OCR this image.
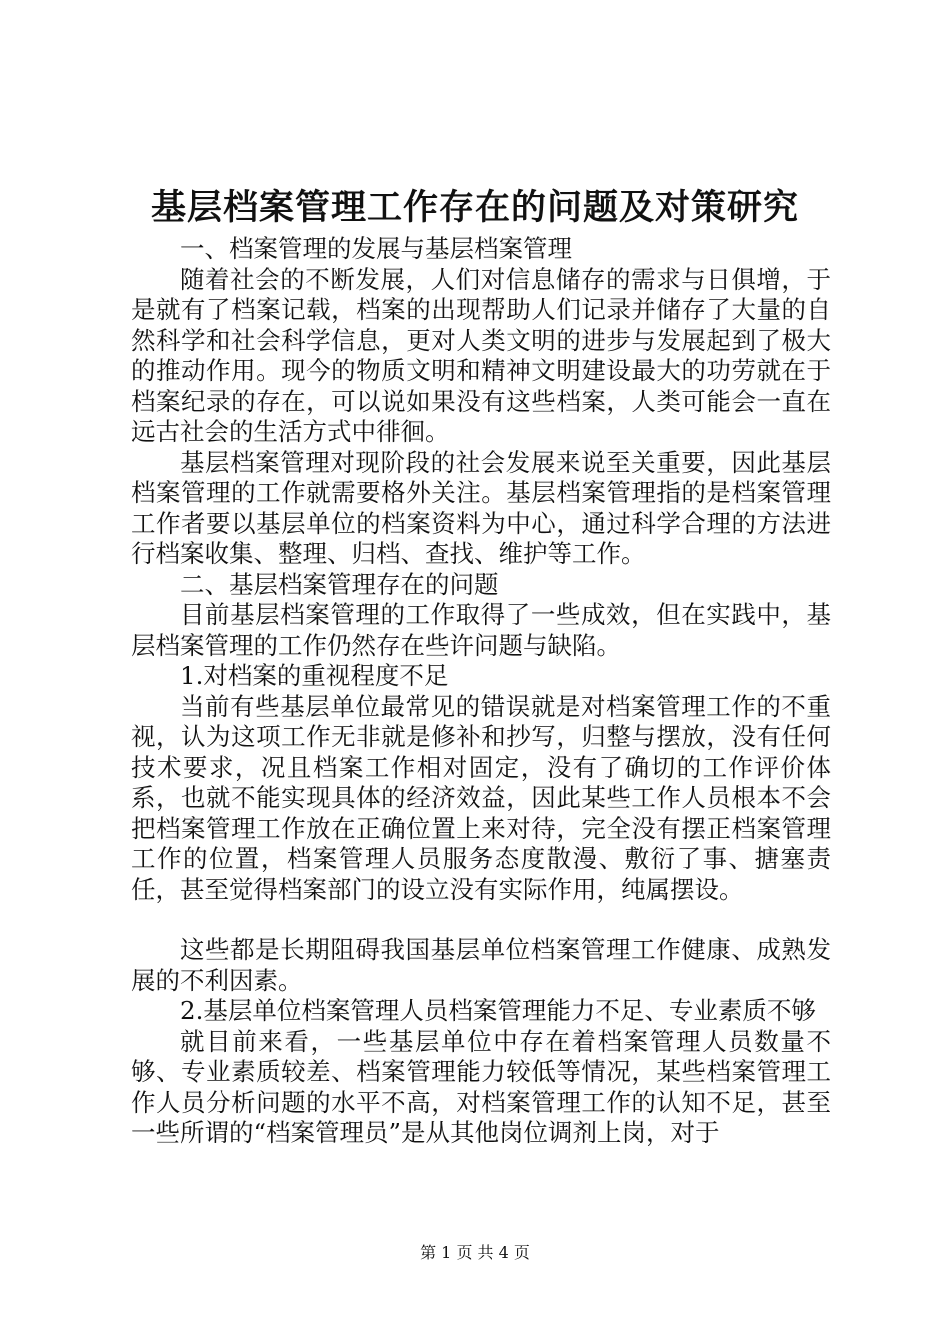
基层档案管理工作存在的问题及对策研究

一、档案管理的发展与基层档案管理

随着社会的不断发展，人们对信息储存的需求与日俱增，于是就有了档案记载，档案的出现帮助人们记录并储存了大量的自然科学和社会科学信息，更对人类文明的进步与发展起到了极大的推动作用。现今的物质文明和精神文明建设最大的功劳就在于档案纪录的存在，可以说如果没有这些档案，人类可能会一直在远古社会的生活方式中徘徊。

基层档案管理对现阶段的社会发展来说至关重要，因此基层档案管理的工作就需要格外关注。基层档案管理指的是档案管理工作者要以基层单位的档案资料为中心，通过科学合理的方法进行档案收集、整理、归档、查找、维护等工作。

二、基层档案管理存在的问题

目前基层档案管理的工作取得了一些成效，但在实践中，基层档案管理的工作仍然存在些许问题与缺陷。

1.对档案的重视程度不足

当前有些基层单位最常见的错误就是对档案管理工作的不重视，认为这项工作无非就是修补和抄写，归整与摆放，没有任何技术要求，况且档案工作相对固定，没有了确切的工作评价体系，也就不能实现具体的经济效益，因此某些工作人员根本不会把档案管理工作放在正确位置上来对待，完全没有摆正档案管理工作的位置，档案管理人员服务态度散漫、敷衍了事、搪塞责任，甚至觉得档案部门的设立没有实际作用，纯属摆设。

这些都是长期阻碍我国基层单位档案管理工作健康、成熟发展的不利因素。

2.基层单位档案管理人员档案管理能力不足、专业素质不够

就目前来看，一些基层单位中存在着档案管理人员数量不够、专业素质较差、档案管理能力较低等情况，某些档案管理工作人员分析问题的水平不高，对档案管理工作的认知不足，甚至一些所谓的“档案管理员”是从其他岗位调剂上岗，对于

第 1 页 共 4 页
